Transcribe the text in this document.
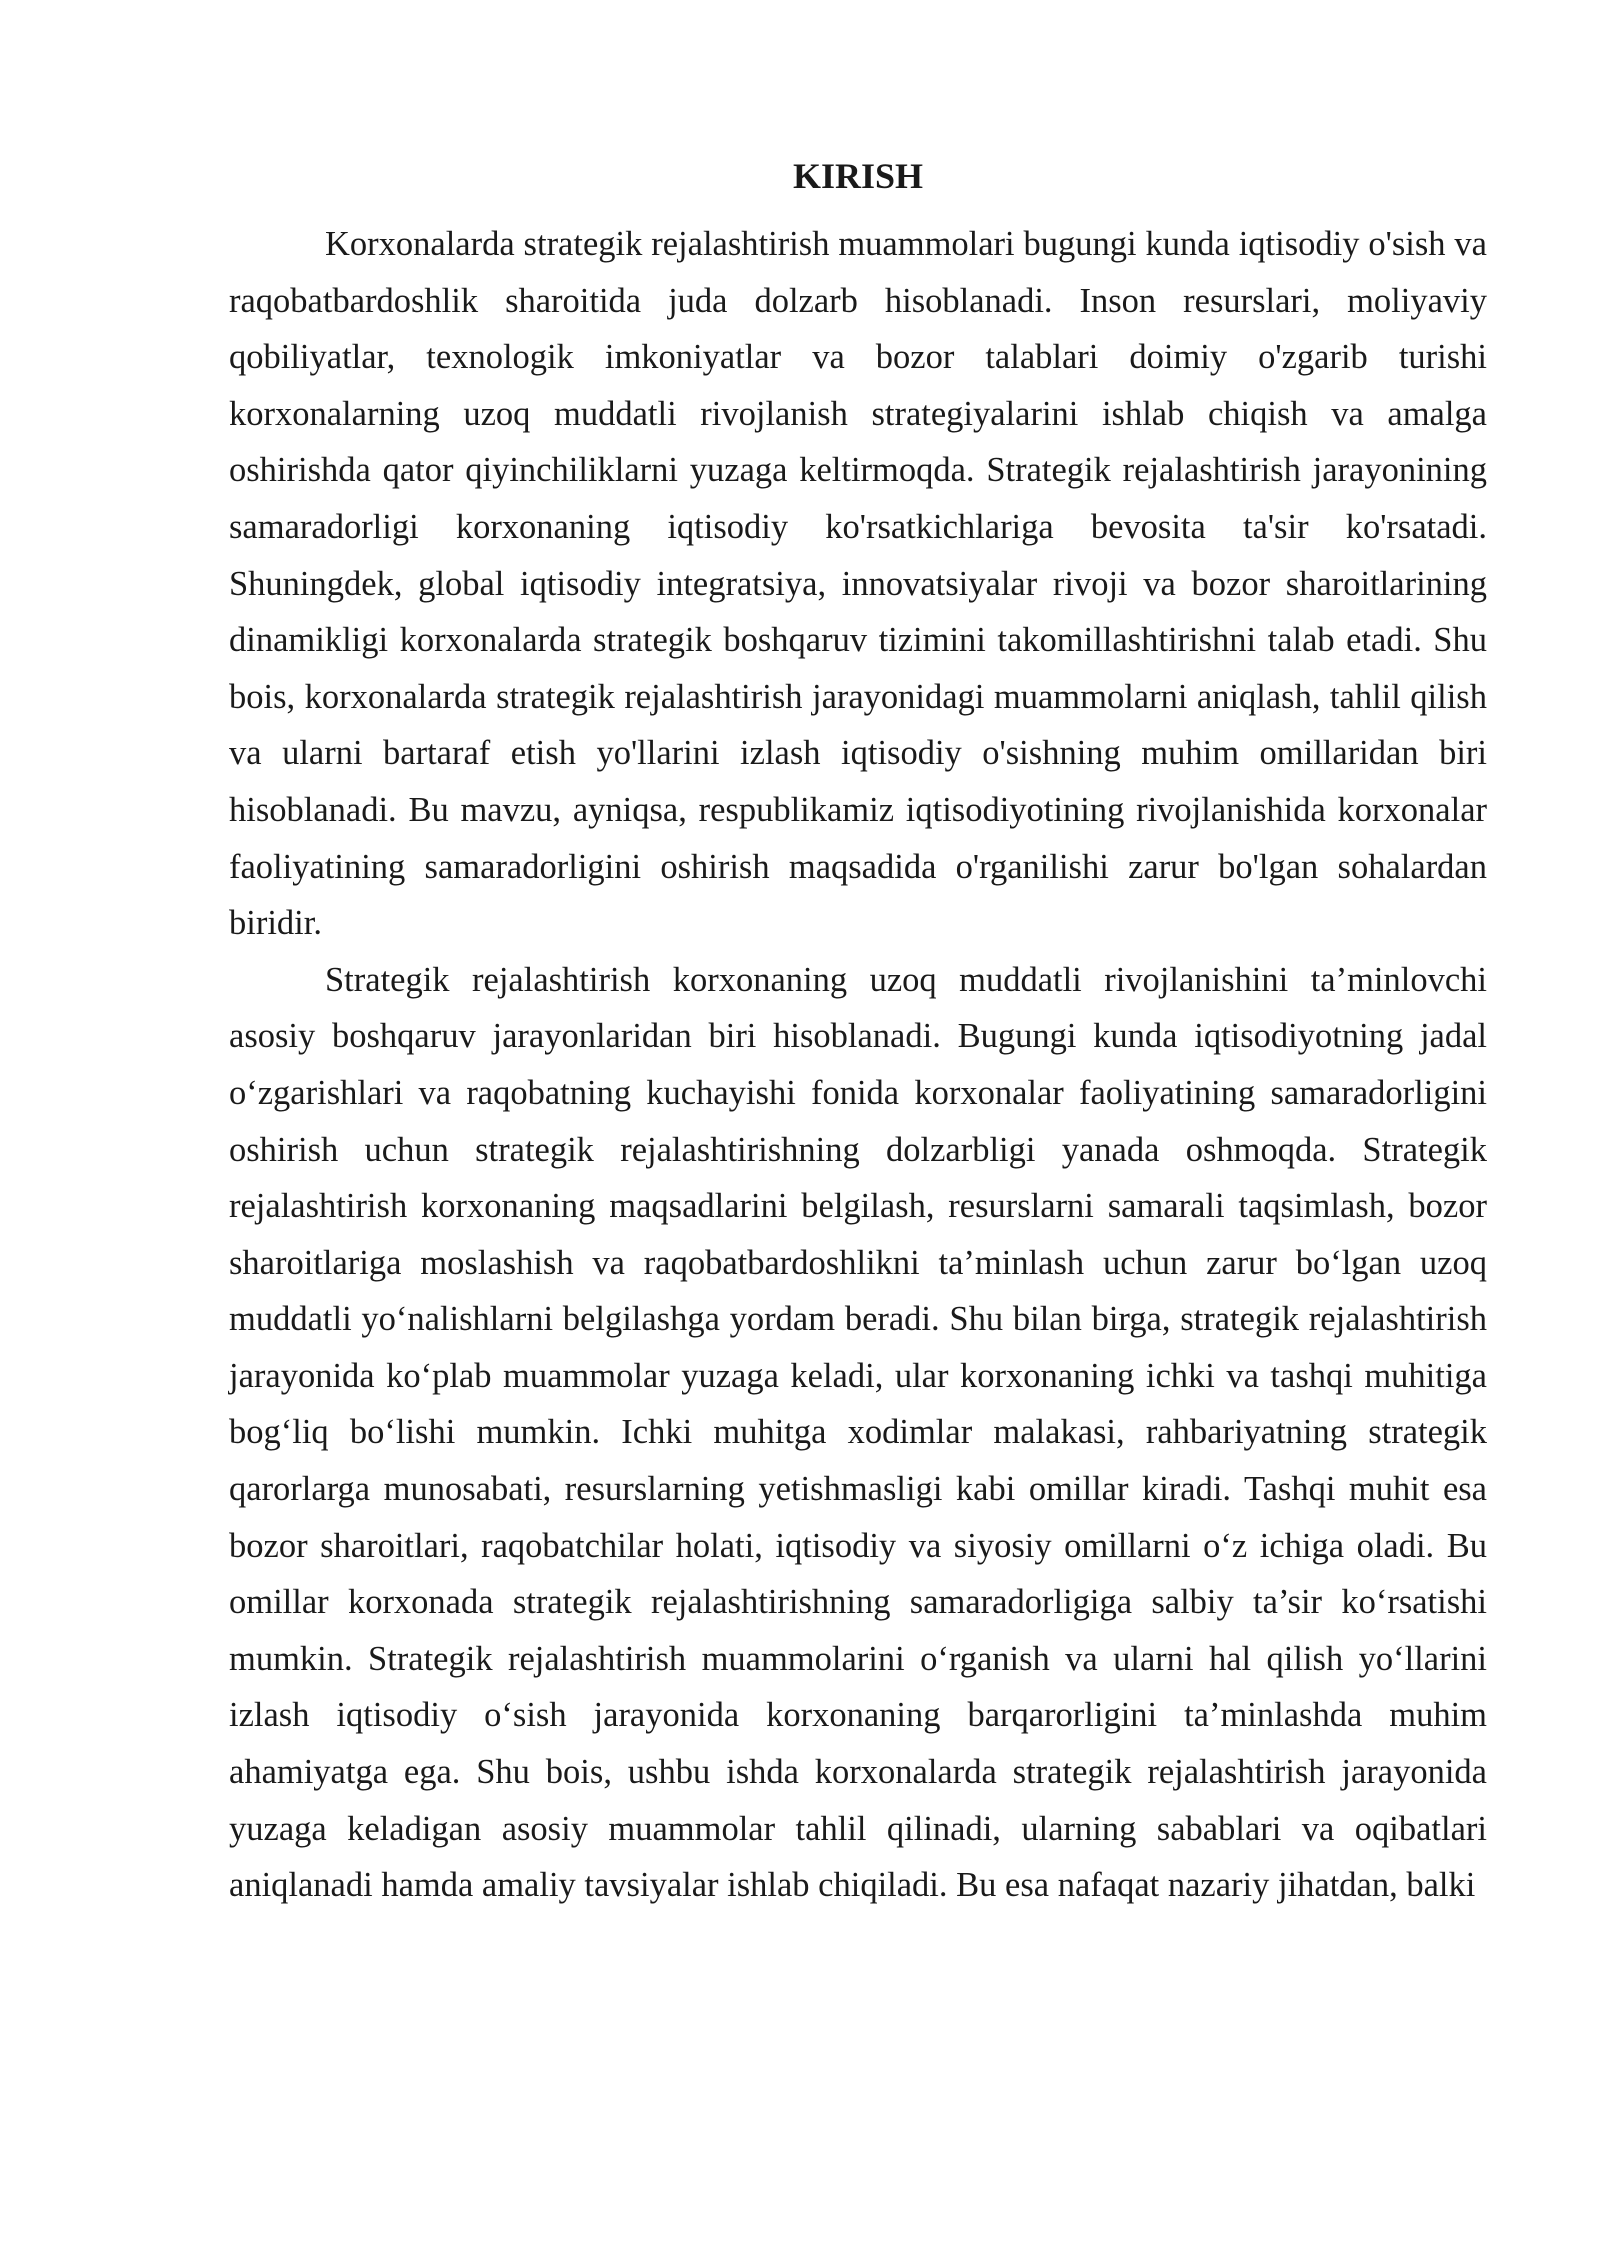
KIRISH

Korxonalarda strategik rejalashtirish muammolari bugungi kunda iqtisodiy o'sish va raqobatbardoshlik sharoitida juda dolzarb hisoblanadi. Inson resurslari, moliyaviy qobiliyatlar, texnologik imkoniyatlar va bozor talablari doimiy o'zgarib turishi korxonalarning uzoq muddatli rivojlanish strategiyalarini ishlab chiqish va amalga oshirishda qator qiyinchiliklarni yuzaga keltirmoqda. Strategik rejalashtirish jarayonining samaradorligi korxonaning iqtisodiy ko'rsatkichlariga bevosita ta'sir ko'rsatadi. Shuningdek, global iqtisodiy integratsiya, innovatsiyalar rivoji va bozor sharoitlarining dinamikligi korxonalarda strategik boshqaruv tizimini takomillashtirishni talab etadi. Shu bois, korxonalarda strategik rejalashtirish jarayonidagi muammolarni aniqlash, tahlil qilish va ularni bartaraf etish yo'llarini izlash iqtisodiy o'sishning muhim omillaridan biri hisoblanadi. Bu mavzu, ayniqsa, respublikamiz iqtisodiyotining rivojlanishida korxonalar faoliyatining samaradorligini oshirish maqsadida o'rganilishi zarur bo'lgan sohalardan biridir.

Strategik rejalashtirish korxonaning uzoq muddatli rivojlanishini ta’minlovchi asosiy boshqaruv jarayonlaridan biri hisoblanadi. Bugungi kunda iqtisodiyotning jadal o‘zgarishlari va raqobatning kuchayishi fonida korxonalar faoliyatining samaradorligini oshirish uchun strategik rejalashtirishning dolzarbligi yanada oshmoqda. Strategik rejalashtirish korxonaning maqsadlarini belgilash, resurslarni samarali taqsimlash, bozor sharoitlariga moslashish va raqobatbardoshlikni ta’minlash uchun zarur bo‘lgan uzoq muddatli yo‘nalishlarni belgilashga yordam beradi. Shu bilan birga, strategik rejalashtirish jarayonida ko‘plab muammolar yuzaga keladi, ular korxonaning ichki va tashqi muhitiga bog‘liq bo‘lishi mumkin. Ichki muhitga xodimlar malakasi, rahbariyatning strategik qarorlarga munosabati, resurslarning yetishmasligi kabi omillar kiradi. Tashqi muhit esa bozor sharoitlari, raqobatchilar holati, iqtisodiy va siyosiy omillarni o‘z ichiga oladi. Bu omillar korxonada strategik rejalashtirishning samaradorligiga salbiy ta’sir ko‘rsatishi mumkin. Strategik rejalashtirish muammolarini o‘rganish va ularni hal qilish yo‘llarini izlash iqtisodiy o‘sish jarayonida korxonaning barqarorligini ta’minlashda muhim ahamiyatga ega. Shu bois, ushbu ishda korxonalarda strategik rejalashtirish jarayonida yuzaga keladigan asosiy muammolar tahlil qilinadi, ularning sabablari va oqibatlari aniqlanadi hamda amaliy tavsiyalar ishlab chiqiladi. Bu esa nafaqat nazariy jihatdan, balki
